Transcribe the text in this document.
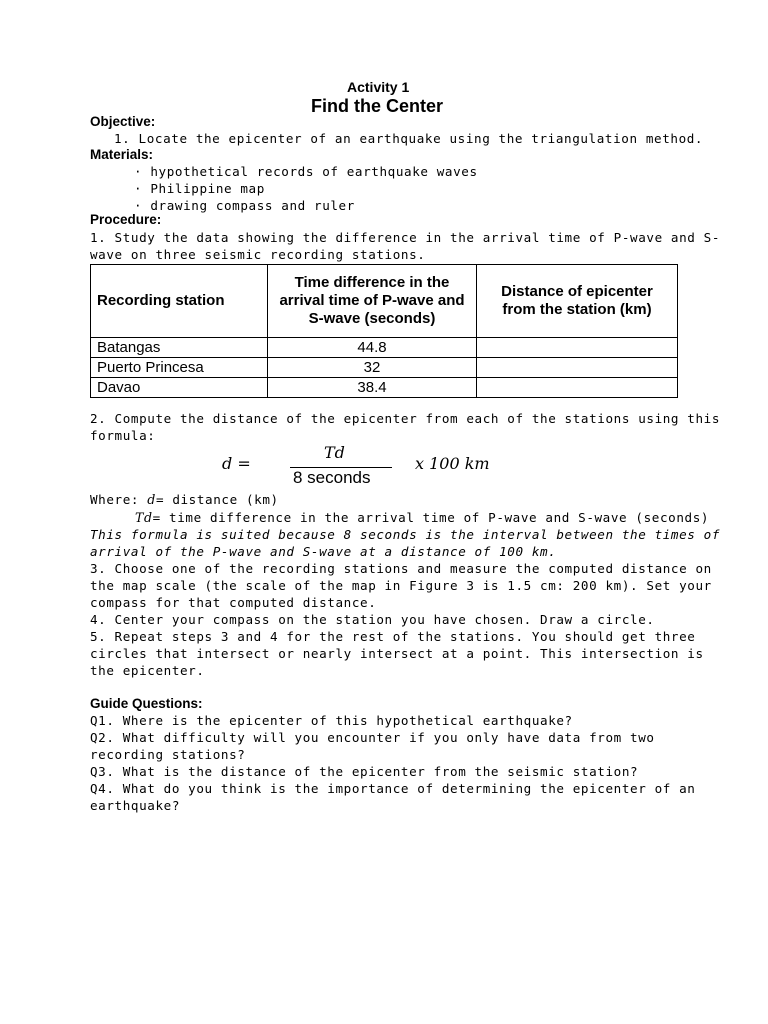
Activity 1
Find the Center
Objective:
1. Locate the epicenter of an earthquake using the triangulation method.
Materials:
· hypothetical records of earthquake waves
· Philippine map
· drawing compass and ruler
Procedure:
1. Study the data showing the difference in the arrival time of P-wave and S-
wave on three seismic recording stations.
Recording station	Time difference in the arrival time of P-wave and S-wave (seconds)	Distance of epicenter from the station (km)
Batangas	44.8	
Puerto Princesa	32	
Davao	38.4	
2. Compute the distance of the epicenter from each of the stations using this
formula:
d =
Td
8 seconds
x 100 km
Where: d= distance (km)
Td= time difference in the arrival time of P-wave and S-wave (seconds)
This formula is suited because 8 seconds is the interval between the times of
arrival of the P-wave and S-wave at a distance of 100 km.
3. Choose one of the recording stations and measure the computed distance on
the map scale (the scale of the map in Figure 3 is 1.5 cm: 200 km). Set your
compass for that computed distance.
4. Center your compass on the station you have chosen. Draw a circle.
5. Repeat steps 3 and 4 for the rest of the stations. You should get three
circles that intersect or nearly intersect at a point. This intersection is
the epicenter.
Guide Questions:
Q1. Where is the epicenter of this hypothetical earthquake?
Q2. What difficulty will you encounter if you only have data from two
recording stations?
Q3. What is the distance of the epicenter from the seismic station?
Q4. What do you think is the importance of determining the epicenter of an
earthquake?
